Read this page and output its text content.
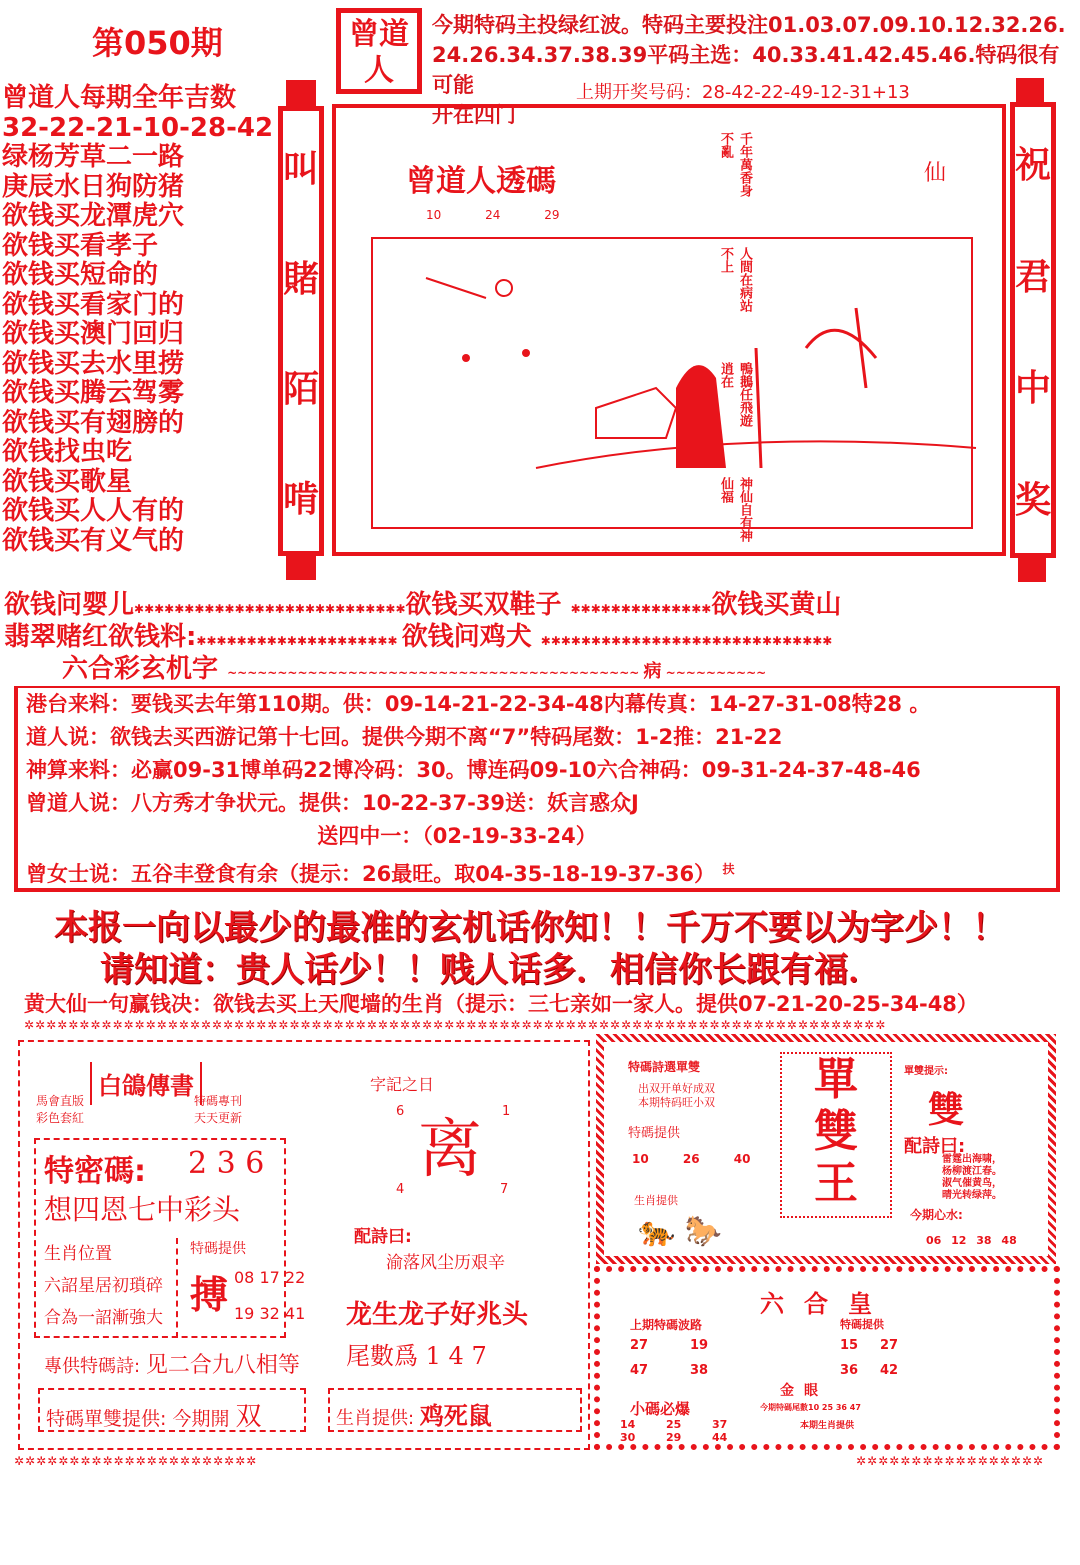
第050期	曾道
人
今期特码主投绿红波。特码主要投注01.03.07.09.10.12.32.26.
24.26.34.37.38.39平码主选：40.33.41.42.45.46.特码很有可能
开在四门
上期开奖号码：28-42-22-49-12-31+13
曾道人每期全年吉数
32-22-21-10-28-42
绿杨芳草二一路
庚辰水日狗防猪
欲钱买龙潭虎穴
欲钱买看孝子
欲钱买短命的
欲钱买看家门的
欲钱买澳门回归
欲钱买去水里捞
欲钱买腾云驾雾
欲钱买有翅膀的
欲钱找虫吃
欲钱买歌星
欲钱买人人有的
欲钱买有义气的
叫
賭
陌
啃
曾道人透碼
10	24	29
千年萬香身不亂
人間在病站不上
鴨鵝任飛遊逍在
神仙自有神仙福
仙 祝
君
中
奖
欲钱问婴儿✱✱✱✱✱✱✱✱✱✱✱✱✱✱✱✱✱✱✱✱✱✱✱✱✱✱✱欲钱买双鞋子 ✱✱✱✱✱✱✱✱✱✱✱✱✱✱欲钱买黄山
翡翠赌红欲钱料:✱✱✱✱✱✱✱✱✱✱✱✱✱✱✱✱✱✱✱✱ 欲钱问鸡犬 ✱✱✱✱✱✱✱✱✱✱✱✱✱✱✱✱✱✱✱✱✱✱✱✱✱✱✱✱✱
六合彩玄机字 ~~~~~~~~~~~~~~~~~~~~~~~~~~~~~~~~~~~~~~~~~ 病 ~~~~~~~~~~
港台来料：要钱买去年第110期。供：09-14-21-22-34-48内幕传真：14-27-31-08特28 。
道人说：欲钱去买西游记第十七回。提供今期不离“7”特码尾数：1-2推：21-22
神算来料：必赢09-31博单码22博冷码：30。博连码09-10六合神码：09-31-24-37-48-46
曾道人说：八方秀才争状元。提供：10-22-37-39送：妖言惑众J
送四中一：（02-19-33-24）
曾女士说：五谷丰登食有余（提示：26最旺。取04-35-18-19-37-36） $^扶$
本报一向以最少的最准的玄机话你知！！千万不要以为字少！！
请知道：贵人话少！！贱人话多．相信你长跟有福．
黄大仙一句赢钱决：欲钱去买上天爬墙的生肖（提示：三七亲如一家人。提供07-21-20-25-34-48）
✲✲✲✲✲✲✲✲✲✲✲✲✲✲✲✲✲✲✲✲✲✲✲✲✲✲✲✲✲✲✲✲✲✲✲✲✲✲✲✲✲✲✲✲✲✲✲✲✲✲✲✲✲✲✲✲✲✲✲✲✲✲✲✲✲✲✲✲✲✲✲✲✲✲✲✲✲✲
白鴿傳書
馬會直版 彩色套紅
特碼專刊 天天更新
特密碼: 2 3 6
想四恩七中彩头
生肖位置
六詔星居初瑣碎
合為一詔漸強大
特碼提供
搏 08 17 22
19 32 41
專供特碼詩: 见二合九八相等
特碼單雙提供: 今期開 双
字記之日
6	1
离
4	7
配詩曰:
渝落风尘历艰辛
龙生龙子好兆头
尾數爲 1 4 7
生肖提供: 鸡死鼠
特碼詩選單雙
出双开单好成双
本期特码旺小双
特碼提供
10	26	40
生肖提供
🐅 🐎
單
雙
王
單雙提示:
雙
配詩曰:
雷霆出海啸，
杨柳渡江春。
淑气催黄鸟，
晴光转绿萍。
今期心水:
06 12 38 48
六合皇
上期特碼波路
27	19
47	38
特碼提供
15	27
36	42
金眼
小碼必爆	今期特碼尾數10 25 36 47
本期生肖提供
14	25	37
30	29	44
✲✲✲✲✲✲✲✲✲✲✲✲✲✲✲✲✲✲✲✲✲✲	✲✲✲✲✲✲✲✲✲✲✲✲✲✲✲✲✲
